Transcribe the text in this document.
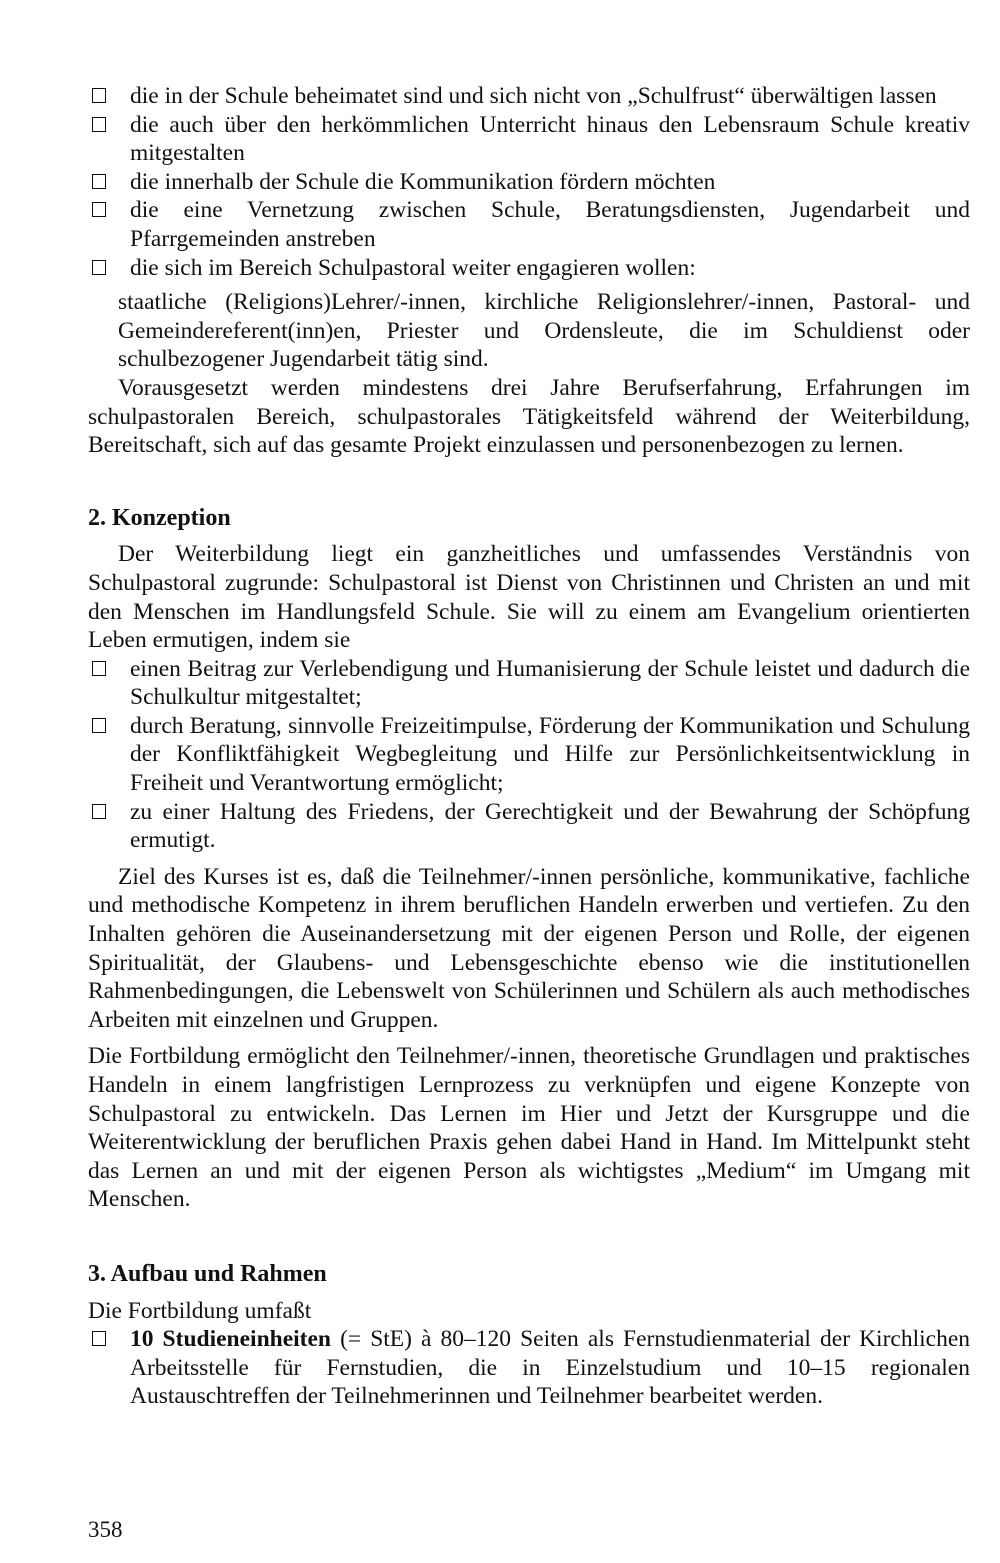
die in der Schule beheimatet sind und sich nicht von „Schulfrust“ überwältigen lassen
die auch über den herkömmlichen Unterricht hinaus den Lebensraum Schule kreativ mitgestalten
die innerhalb der Schule die Kommunikation fördern möchten
die eine Vernetzung zwischen Schule, Beratungsdiensten, Jugendarbeit und Pfarrgemeinden anstreben
die sich im Bereich Schulpastoral weiter engagieren wollen:
staatliche (Religions)Lehrer/-innen, kirchliche Religionslehrer/-innen, Pastoral- und Gemeindereferent(inn)en, Priester und Ordensleute, die im Schuldienst oder schulbezogener Jugendarbeit tätig sind.
Vorausgesetzt werden mindestens drei Jahre Berufserfahrung, Erfahrungen im schulpastoralen Bereich, schulpastorales Tätigkeitsfeld während der Weiterbildung, Bereitschaft, sich auf das gesamte Projekt einzulassen und personenbezogen zu lernen.
2. Konzeption
Der Weiterbildung liegt ein ganzheitliches und umfassendes Verständnis von Schulpastoral zugrunde: Schulpastoral ist Dienst von Christinnen und Christen an und mit den Menschen im Handlungsfeld Schule. Sie will zu einem am Evangelium orientierten Leben ermutigen, indem sie
einen Beitrag zur Verlebendigung und Humanisierung der Schule leistet und dadurch die Schulkultur mitgestaltet;
durch Beratung, sinnvolle Freizeitimpulse, Förderung der Kommunikation und Schulung der Konfliktfähigkeit Wegbegleitung und Hilfe zur Persönlichkeitsentwicklung in Freiheit und Verantwortung ermöglicht;
zu einer Haltung des Friedens, der Gerechtigkeit und der Bewahrung der Schöpfung ermutigt.
Ziel des Kurses ist es, daß die Teilnehmer/-innen persönliche, kommunikative, fachliche und methodische Kompetenz in ihrem beruflichen Handeln erwerben und vertiefen. Zu den Inhalten gehören die Auseinandersetzung mit der eigenen Person und Rolle, der eigenen Spiritualität, der Glaubens- und Lebensgeschichte ebenso wie die institutionellen Rahmenbedingungen, die Lebenswelt von Schülerinnen und Schülern als auch methodisches Arbeiten mit einzelnen und Gruppen.
Die Fortbildung ermöglicht den Teilnehmer/-innen, theoretische Grundlagen und praktisches Handeln in einem langfristigen Lernprozess zu verknüpfen und eigene Konzepte von Schulpastoral zu entwickeln. Das Lernen im Hier und Jetzt der Kursgruppe und die Weiterentwicklung der beruflichen Praxis gehen dabei Hand in Hand. Im Mittelpunkt steht das Lernen an und mit der eigenen Person als wichtigstes „Medium“ im Umgang mit Menschen.
3. Aufbau und Rahmen
Die Fortbildung umfaßt
10 Studieneinheiten (= StE) à 80–120 Seiten als Fernstudienmaterial der Kirchlichen Arbeitsstelle für Fernstudien, die in Einzelstudium und 10–15 regionalen Austauschtreffen der Teilnehmerinnen und Teilnehmer bearbeitet werden.
358
